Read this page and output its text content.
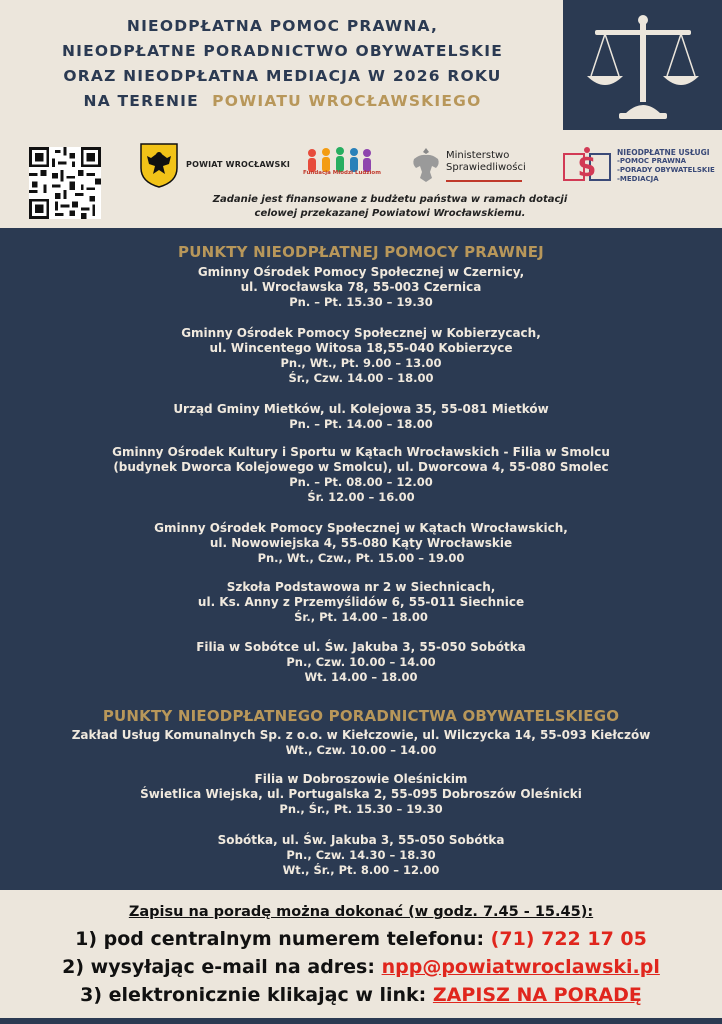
NIEODPŁATNA POMOC PRAWNA,
NIEODPŁATNE PORADNICTWO OBYWATELSKIE
ORAZ NIEODPŁATNA MEDIACJA W 2026 ROKU
NA TERENIE POWIATU WROCŁAWSKIEGO
POWIAT WROCŁAWSKI
Fundacja Młodzi Ludziom
Ministerstwo
Sprawiedliwości S
NIEODPŁATNE USŁUGI
-POMOC PRAWNA
-PORADY OBYWATELSKIE
-MEDIACJA
Zadanie jest finansowane z budżetu państwa w ramach dotacji
celowej przekazanej Powiatowi Wrocławskiemu.
PUNKTY NIEODPŁATNEJ POMOCY PRAWNEJ
Gminny Ośrodek Pomocy Społecznej w Czernicy,
ul. Wrocławska 78, 55-003 Czernica
Pn. – Pt. 15.30 – 19.30
Gminny Ośrodek Pomocy Społecznej w Kobierzycach,
ul. Wincentego Witosa 18,55-040 Kobierzyce
Pn., Wt., Pt. 9.00 – 13.00
Śr., Czw. 14.00 – 18.00
Urząd Gminy Mietków, ul. Kolejowa 35, 55-081 Mietków
Pn. – Pt. 14.00 – 18.00
Gminny Ośrodek Kultury i Sportu w Kątach Wrocławskich - Filia w Smolcu
(budynek Dworca Kolejowego w Smolcu), ul. Dworcowa 4, 55-080 Smolec
Pn. – Pt. 08.00 – 12.00
Śr. 12.00 – 16.00
Gminny Ośrodek Pomocy Społecznej w Kątach Wrocławskich,
ul. Nowowiejska 4, 55-080 Kąty Wrocławskie
Pn., Wt., Czw., Pt. 15.00 – 19.00
Szkoła Podstawowa nr 2 w Siechnicach,
ul. Ks. Anny z Przemyślidów 6, 55-011 Siechnice
Śr., Pt. 14.00 – 18.00
Filia w Sobótce ul. Św. Jakuba 3, 55-050 Sobótka
Pn., Czw. 10.00 – 14.00
Wt. 14.00 – 18.00
PUNKTY NIEODPŁATNEGO PORADNICTWA OBYWATELSKIEGO
Zakład Usług Komunalnych Sp. z o.o. w Kiełczowie, ul. Wilczycka 14, 55-093 Kiełczów
Wt., Czw. 10.00 – 14.00
Filia w Dobroszowie Oleśnickim
Świetlica Wiejska, ul. Portugalska 2, 55-095 Dobroszów Oleśnicki
Pn., Śr., Pt. 15.30 – 19.30
Sobótka, ul. Św. Jakuba 3, 55-050 Sobótka
Pn., Czw. 14.30 – 18.30
Wt., Śr., Pt. 8.00 – 12.00
Zapisu na poradę można dokonać (w godz. 7.45 - 15.45):
1) pod centralnym numerem telefonu: (71) 722 17 05
2) wysyłając e-mail na adres: npp@powiatwroclawski.pl
3) elektronicznie klikając w link: ZAPISZ NA PORADĘ
